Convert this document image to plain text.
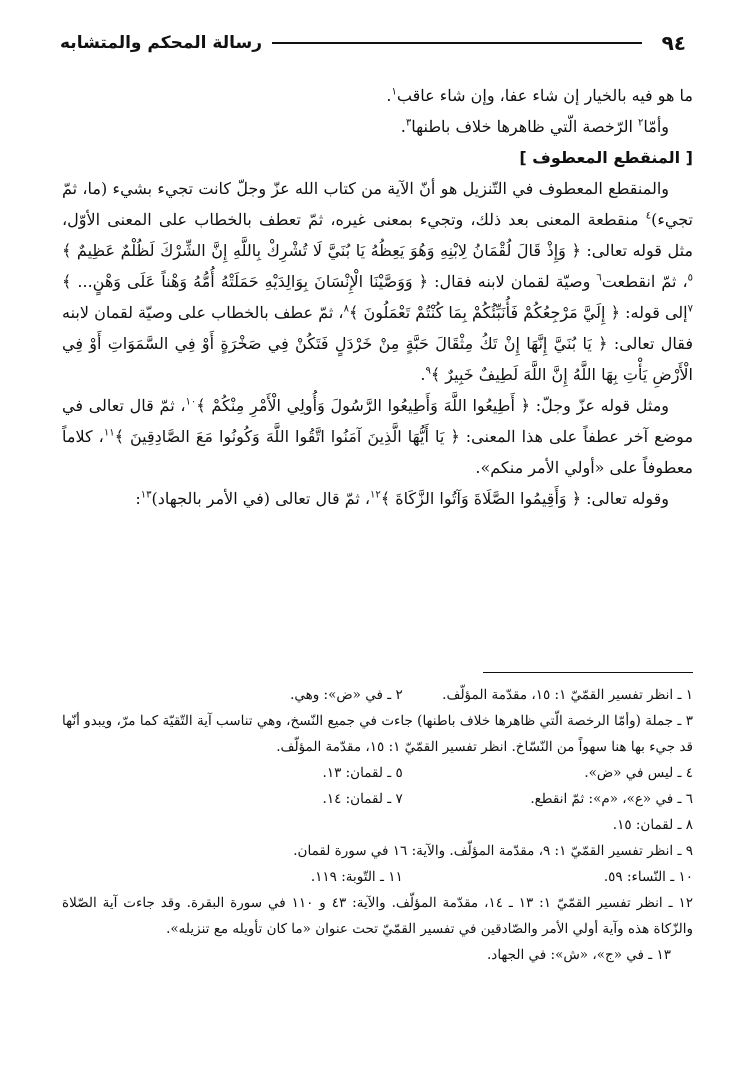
٩٤
رسالة المحكم والمتشابه

ما هو فيه بالخيار إن شاء عفا، وإن شاء عاقب$^١$.

وأمّا$^٢$ الرّخصة الّتي ظاهرها خلاف باطنها$^٣$.

[ المنقطع المعطوف ]

والمنقطع المعطوف في التّنزيل هو أنّ الآية من كتاب الله عزّ وجلّ كانت تجيء بشيء (ما، ثمّ تجيء)$^٤$ منقطعة المعنى بعد ذلك، وتجيء بمعنى غيره، ثمّ تعطف بالخطاب على المعنى الأوّل، مثل قوله تعالى: ﴿ وَإِذْ قَالَ لُقْمَانُ لِابْنِهِ وَهُوَ يَعِظُهُ يَا بُنَيَّ لَا تُشْرِكْ بِاللَّهِ إِنَّ الشِّرْكَ لَظُلْمٌ عَظِيمٌ ﴾$^٥$، ثمّ انقطعت$^٦$ وصيّة لقمان لابنه فقال: ﴿ وَوَصَّيْنَا الْإِنْسَانَ بِوَالِدَيْهِ حَمَلَتْهُ أُمُّهُ وَهْناً عَلَى وَهْنٍ... ﴾$^٧$إلى قوله: ﴿ إِلَيَّ مَرْجِعُكُمْ فَأُنَبِّئُكُمْ بِمَا كُنْتُمْ تَعْمَلُونَ ﴾$^٨$، ثمّ عطف بالخطاب على وصيّة لقمان لابنه فقال تعالى: ﴿ يَا بُنَيَّ إِنَّهَا إِنْ تَكُ مِثْقَالَ حَبَّةٍ مِنْ خَرْدَلٍ فَتَكُنْ فِي صَخْرَةٍ أَوْ فِي السَّمَوَاتِ أَوْ فِي الْأَرْضِ يَأْتِ بِهَا اللَّهُ إِنَّ اللَّهَ لَطِيفٌ خَبِيرٌ ﴾$^٩$.

ومثل قوله عزّ وجلّ: ﴿ أَطِيعُوا اللَّهَ وَأَطِيعُوا الرَّسُولَ وَأُولِي الْأَمْرِ مِنْكُمْ ﴾$^{١٠}$، ثمّ قال تعالى في موضع آخر عطفاً على هذا المعنى: ﴿ يَا أَيُّهَا الَّذِينَ آمَنُوا اتَّقُوا اللَّهَ وَكُونُوا مَعَ الصَّادِقِينَ ﴾$^{١١}$، كلاماً معطوفاً على «أولي الأمر منكم».

وقوله تعالى: ﴿ وَأَقِيمُوا الصَّلَاةَ وَآتُوا الزَّكَاةَ ﴾$^{١٢}$، ثمّ قال تعالى (في الأمر بالجهاد)$^{١٣}$:

١ ـ انظر تفسير القمّيّ ١: ١٥، مقدّمة المؤلّف.
٢ ـ في «ض»: وهي.
٣ ـ جملة (وأمّا الرخصة الّتي ظاهرها خلاف باطنها) جاءت في جميع النّسخ، وهي تناسب آية التّقيّة كما مرّ، ويبدو أنّها قد جيء بها هنا سهواً من النّسّاخ. انظر تفسير القمّيّ ١: ١٥، مقدّمة المؤلّف.
٤ ـ ليس في «ض».
٥ ـ لقمان: ١٣.
٦ ـ في «ع»، «م»: ثمّ انقطع.
٧ ـ لقمان: ١٤.
٨ ـ لقمان: ١٥.
٩ ـ انظر تفسير القمّيّ ١: ٩، مقدّمة المؤلّف. والآية: ١٦ في سورة لقمان.
١٠ ـ النّساء: ٥٩.
١١ ـ التّوبة: ١١٩.
١٢ ـ انظر تفسير القمّيّ ١: ١٣ ـ ١٤، مقدّمة المؤلّف. والآية: ٤٣ و ١١٠ في سورة البقرة. وقد جاءت آية الصّلاة والزّكاة هذه وآية أولي الأمر والصّادقين في تفسير القمّيّ تحت عنوان «ما كان تأويله مع تنزيله».
١٣ ـ في «ج»، «ش»: في الجهاد.
